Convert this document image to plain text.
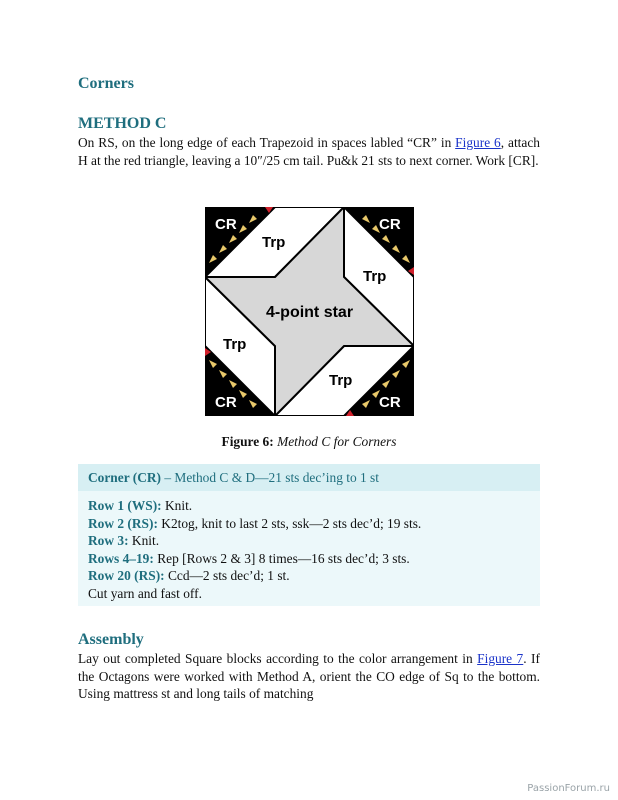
Corners
METHOD C

On RS, on the long edge of each Trapezoid in spaces labled “CR” in Figure 6, attach H at the red triangle, leaving a 10″/25 cm tail. Pu&k 21 sts to next corner. Work [CR].

CR	CR
CR	CR
Trp
Trp
Trp
Trp
4-point star
Figure 6: Method C for Corners
Corner (CR) – Method C & D—21 sts dec’ing to 1 st
Row 1 (WS): Knit.
Row 2 (RS): K2tog, knit to last 2 sts, ssk—2 sts dec’d; 19 sts.
Row 3: Knit.
Rows 4–19: Rep [Rows 2 & 3] 8 times—16 sts dec’d; 3 sts.
Row 20 (RS): Ccd—2 sts dec’d; 1 st.
Cut yarn and fast off.
Assembly

Lay out completed Square blocks according to the color arrangement in Figure 7. If the Octagons were worked with Method A, orient the CO edge of Sq to the bottom. Using mattress st and long tails of matching

PassionForum.ru
